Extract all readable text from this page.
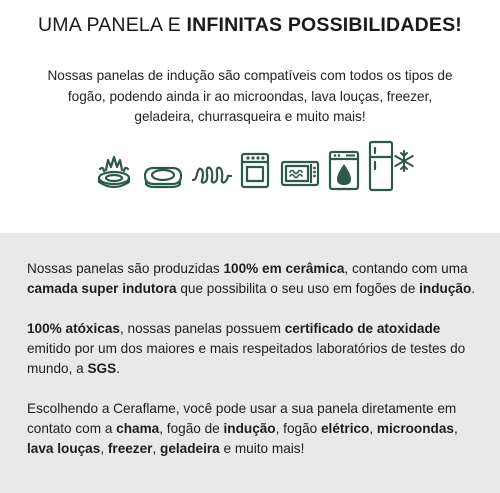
UMA PANELA E INFINITAS POSSIBILIDADES!
Nossas panelas de indução são compatíveis com todos os tipos de
fogão, podendo ainda ir ao microondas, lava louças, freezer,
geladeira, churrasqueira e muito mais!
Nossas panelas são produzidas 100% em cerâmica, contando com uma camada super indutora que possibilita o seu uso em fogões de indução.
100% atóxicas, nossas panelas possuem certificado de atoxidade emitido por um dos maiores e mais respeitados laboratórios de testes do mundo, a SGS.
Escolhendo a Ceraflame, você pode usar a sua panela diretamente em contato com a chama, fogão de indução, fogão elétrico, microondas, lava louças, freezer, geladeira e muito mais!
